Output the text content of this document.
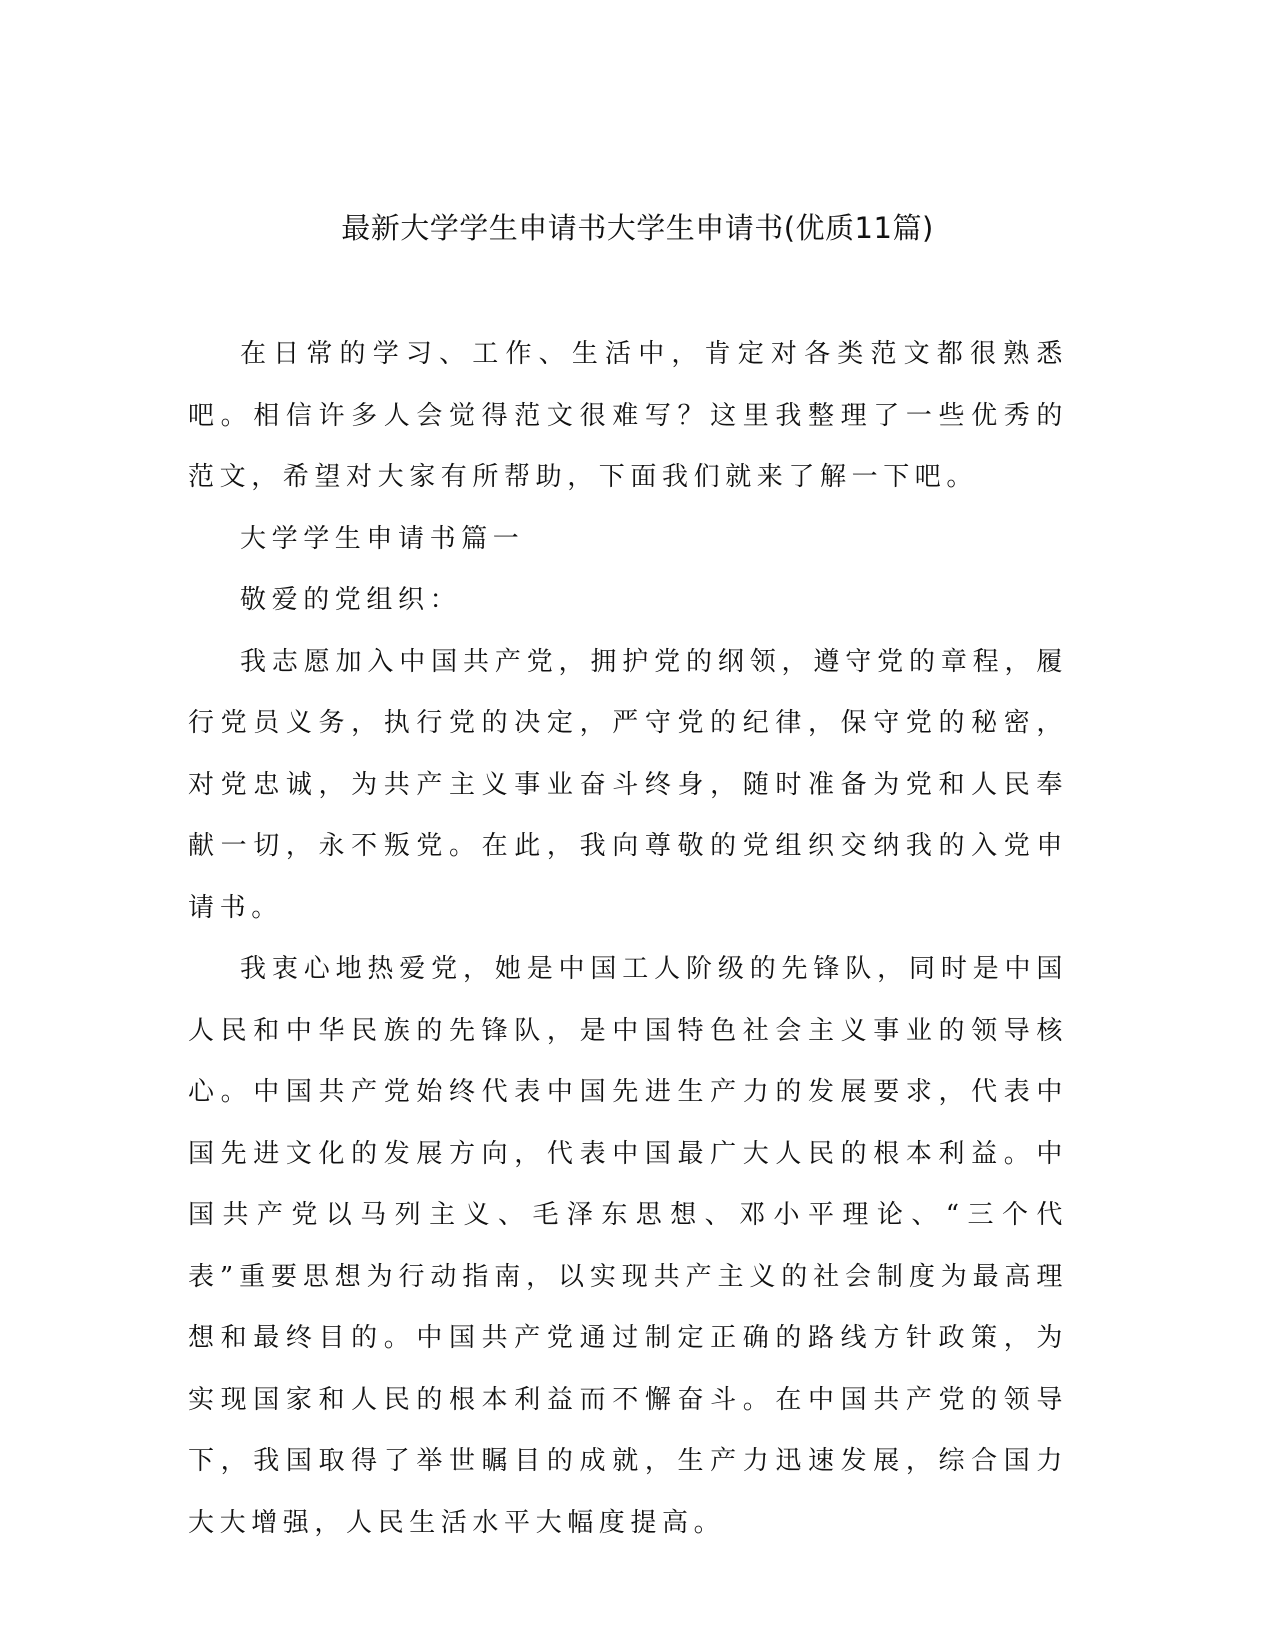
最新大学学生申请书大学生申请书(优质11篇)

在日常的学习、工作、生活中，肯定对各类范文都很熟悉吧。相信许多人会觉得范文很难写？这里我整理了一些优秀的范文，希望对大家有所帮助，下面我们就来了解一下吧。

大学学生申请书篇一

敬爱的党组织：

我志愿加入中国共产党，拥护党的纲领，遵守党的章程，履行党员义务，执行党的决定，严守党的纪律，保守党的秘密，对党忠诚，为共产主义事业奋斗终身，随时准备为党和人民奉献一切，永不叛党。在此，我向尊敬的党组织交纳我的入党申请书。

我衷心地热爱党，她是中国工人阶级的先锋队，同时是中国人民和中华民族的先锋队，是中国特色社会主义事业的领导核心。中国共产党始终代表中国先进生产力的发展要求，代表中国先进文化的发展方向，代表中国最广大人民的根本利益。中国共产党以马列主义、毛泽东思想、邓小平理论、“三个代表”重要思想为行动指南，以实现共产主义的社会制度为最高理想和最终目的。中国共产党通过制定正确的路线方针政策，为实现国家和人民的根本利益而不懈奋斗。在中国共产党的领导下，我国取得了举世瞩目的成就，生产力迅速发展，综合国力大大增强，人民生活水平大幅度提高。
